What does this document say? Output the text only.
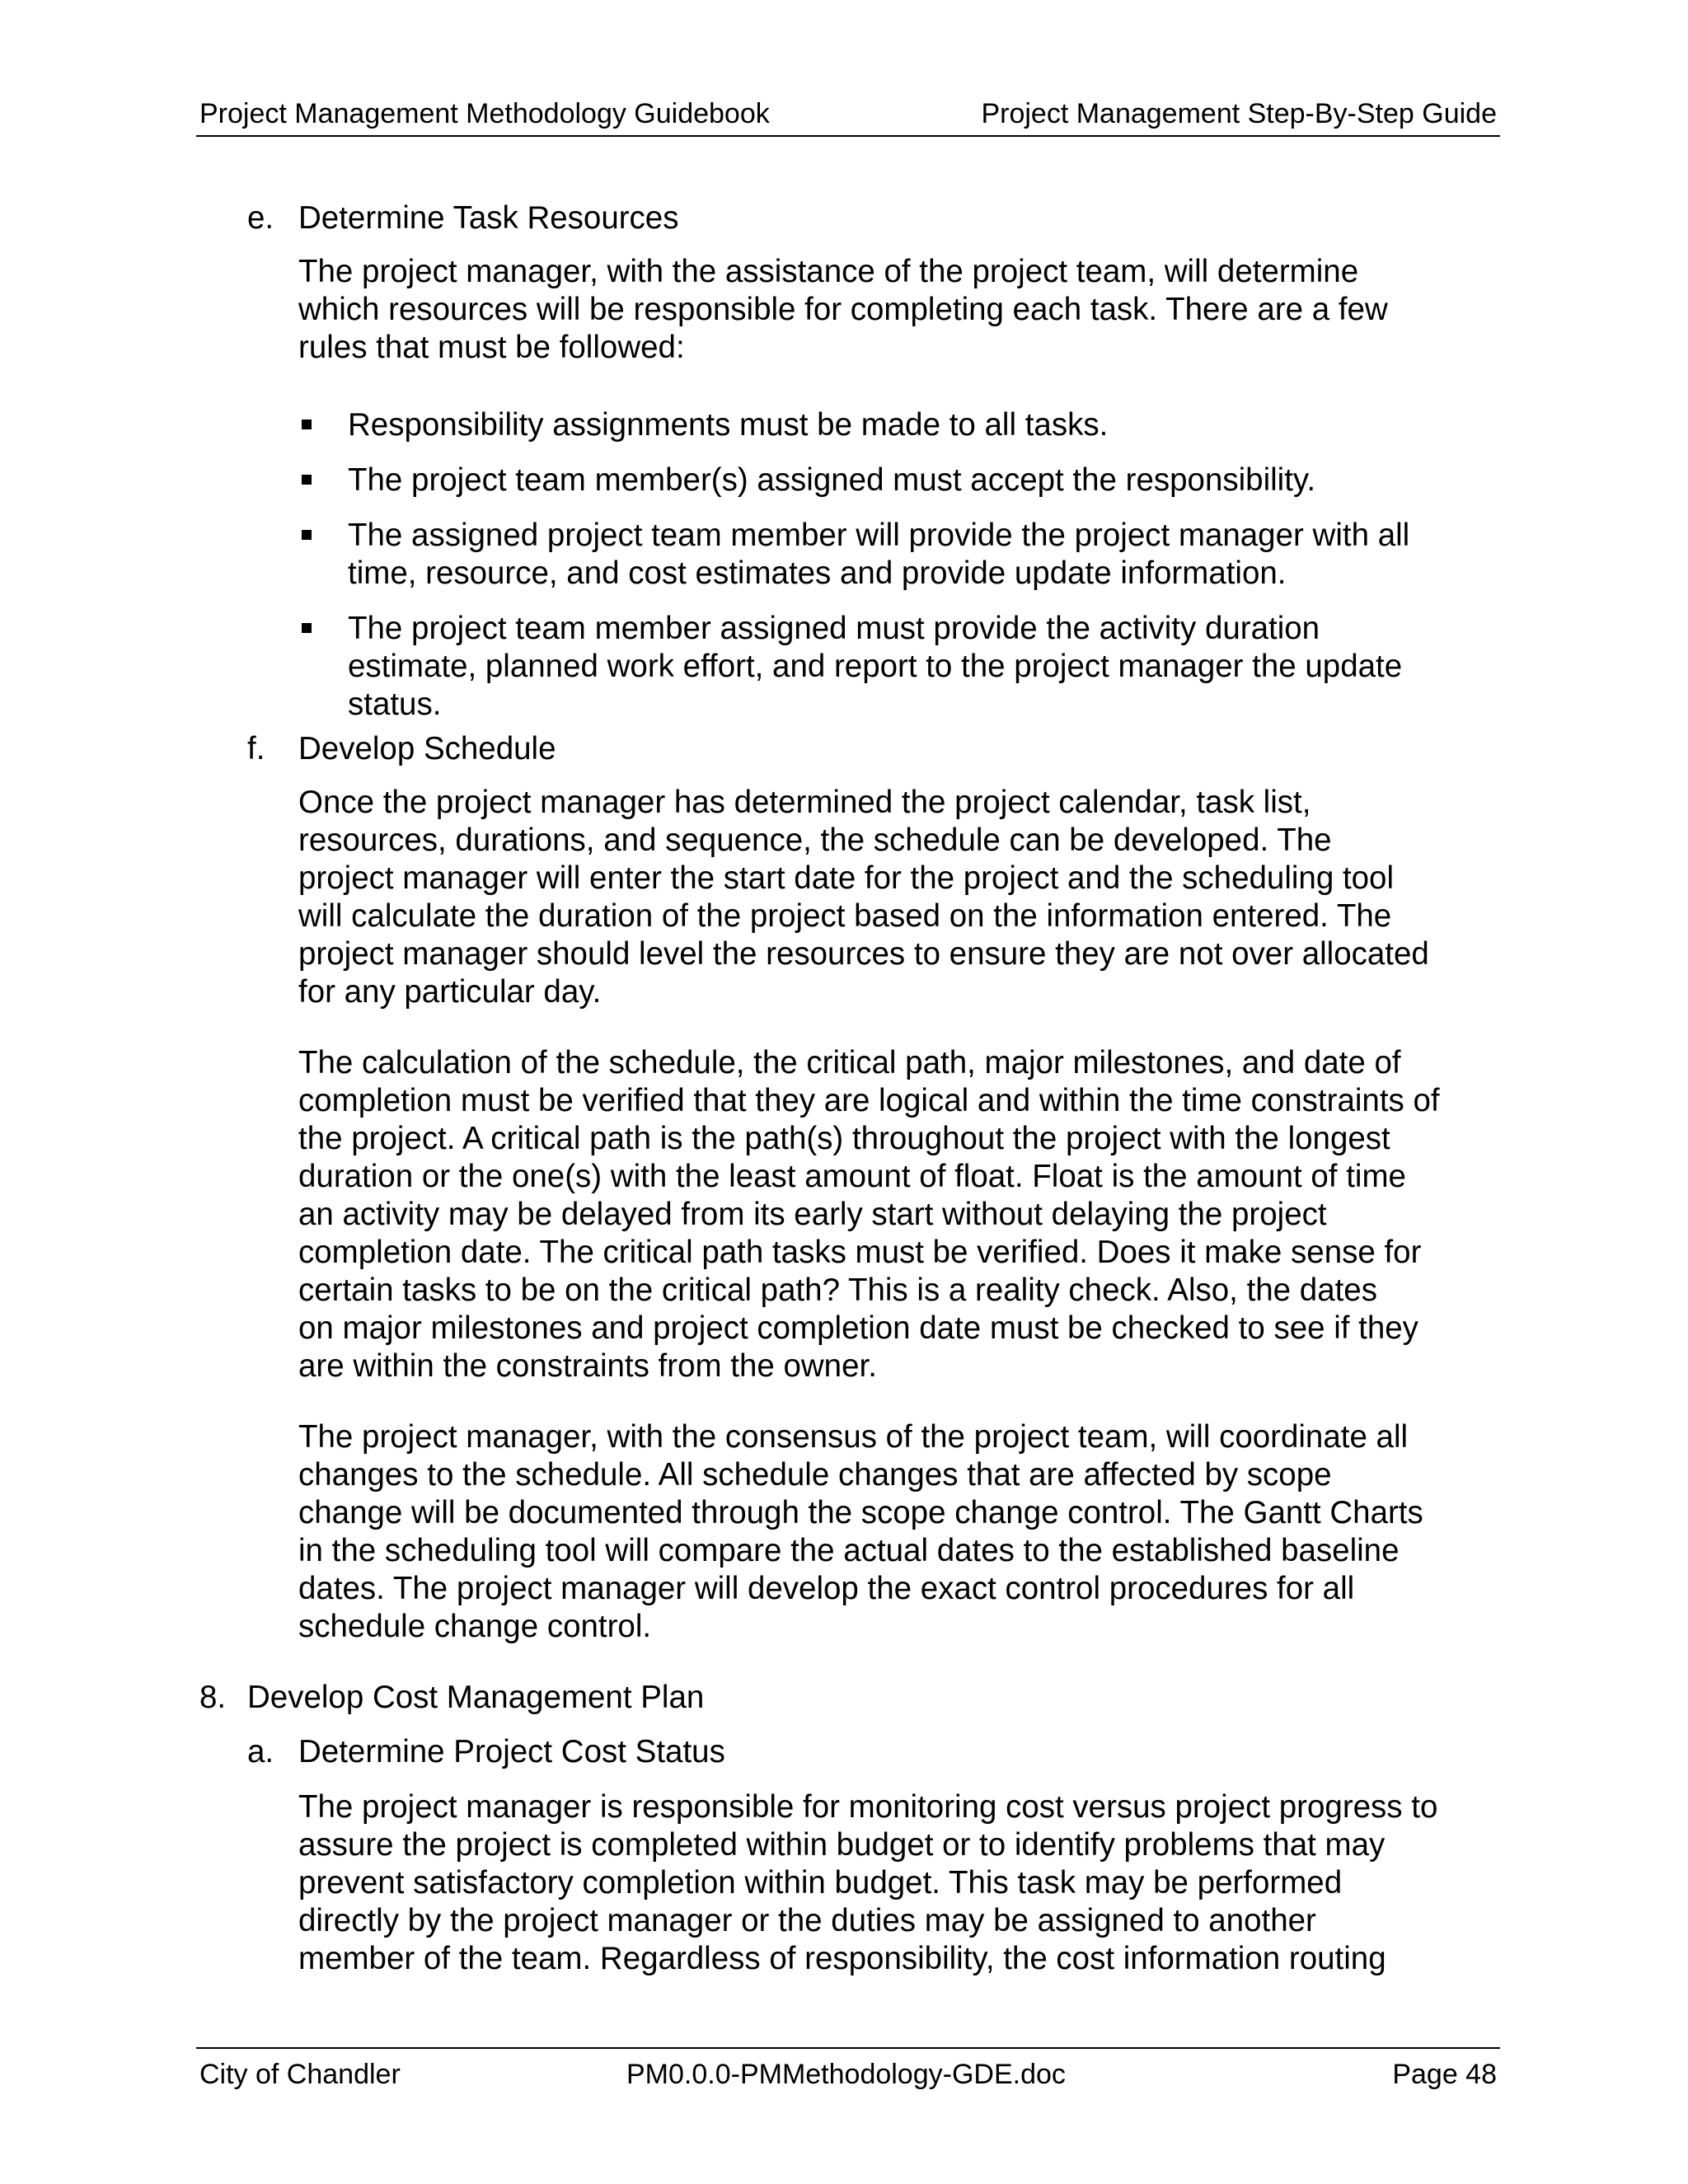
Project Management Methodology Guidebook	Project Management Step-By-Step Guide

e. Determine Task Resources

The project manager, with the assistance of the project team, will determine
which resources will be responsible for completing each task. There are a few
rules that must be followed:

Responsibility assignments must be made to all tasks.
The project team member(s) assigned must accept the responsibility.
The assigned project team member will provide the project manager with all
time, resource, and cost estimates and provide update information.
The project team member assigned must provide the activity duration
estimate, planned work effort, and report to the project manager the update
status.

f. Develop Schedule

Once the project manager has determined the project calendar, task list,
resources, durations, and sequence, the schedule can be developed. The
project manager will enter the start date for the project and the scheduling tool
will calculate the duration of the project based on the information entered. The
project manager should level the resources to ensure they are not over allocated
for any particular day.

The calculation of the schedule, the critical path, major milestones, and date of
completion must be verified that they are logical and within the time constraints of
the project. A critical path is the path(s) throughout the project with the longest
duration or the one(s) with the least amount of float. Float is the amount of time
an activity may be delayed from its early start without delaying the project
completion date. The critical path tasks must be verified. Does it make sense for
certain tasks to be on the critical path? This is a reality check. Also, the dates
on major milestones and project completion date must be checked to see if they
are within the constraints from the owner.

The project manager, with the consensus of the project team, will coordinate all
changes to the schedule. All schedule changes that are affected by scope
change will be documented through the scope change control. The Gantt Charts
in the scheduling tool will compare the actual dates to the established baseline
dates. The project manager will develop the exact control procedures for all
schedule change control.

8. Develop Cost Management Plan

a. Determine Project Cost Status

The project manager is responsible for monitoring cost versus project progress to
assure the project is completed within budget or to identify problems that may
prevent satisfactory completion within budget. This task may be performed
directly by the project manager or the duties may be assigned to another
member of the team. Regardless of responsibility, the cost information routing

City of Chandler	PM0.0.0-PMMethodology-GDE.doc	Page 48
